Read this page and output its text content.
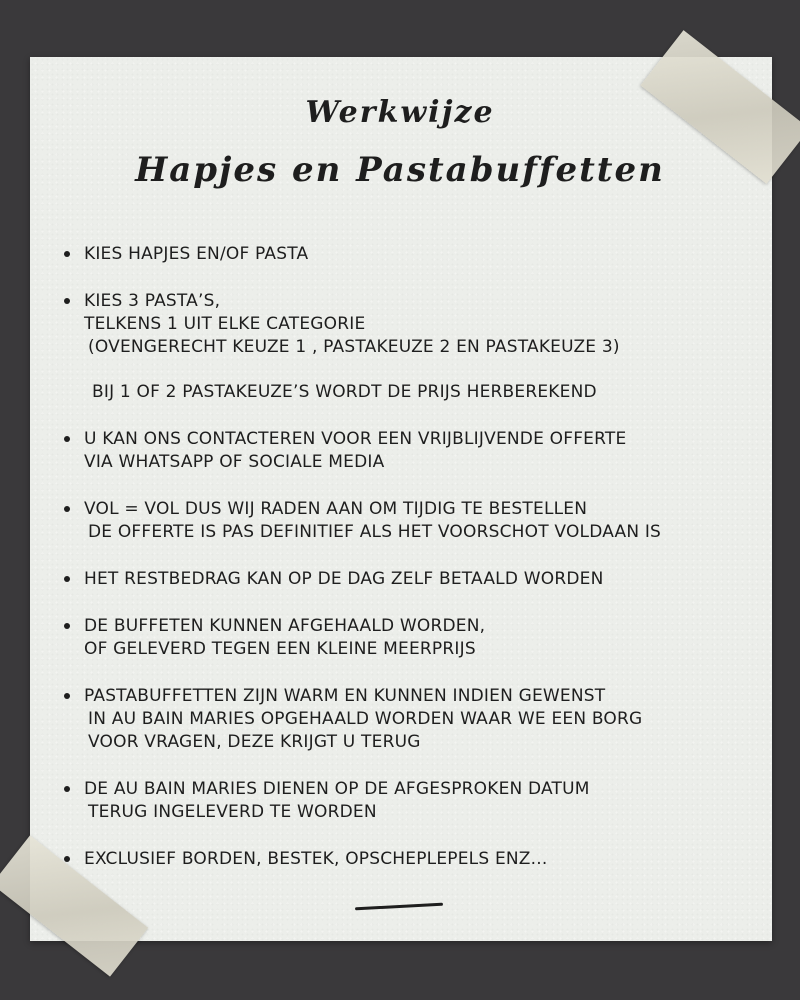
Werkwijze
Hapjes en Pastabuffetten
KIES HAPJES EN/OF PASTA
KIES 3 PASTA’S,
TELKENS 1 UIT ELKE CATEGORIE
(OVENGERECHT KEUZE 1 , PASTAKEUZE 2 EN PASTAKEUZE 3)
BIJ 1 OF 2 PASTAKEUZE’S WORDT DE PRIJS HERBEREKEND
U KAN ONS CONTACTEREN VOOR EEN VRIJBLIJVENDE OFFERTE
VIA WHATSAPP OF SOCIALE MEDIA
VOL = VOL DUS WIJ RADEN AAN OM TIJDIG TE BESTELLEN
DE OFFERTE IS PAS DEFINITIEF ALS HET VOORSCHOT VOLDAAN IS
HET RESTBEDRAG KAN OP DE DAG ZELF BETAALD WORDEN
DE BUFFETEN KUNNEN AFGEHAALD WORDEN,
OF GELEVERD TEGEN EEN KLEINE MEERPRIJS
PASTABUFFETTEN ZIJN WARM EN KUNNEN INDIEN GEWENST
IN AU BAIN MARIES OPGEHAALD WORDEN WAAR WE EEN BORG
VOOR VRAGEN, DEZE KRIJGT U TERUG
DE AU BAIN MARIES DIENEN OP DE AFGESPROKEN DATUM
TERUG INGELEVERD TE WORDEN
EXCLUSIEF BORDEN, BESTEK, OPSCHEPLEPELS ENZ...
